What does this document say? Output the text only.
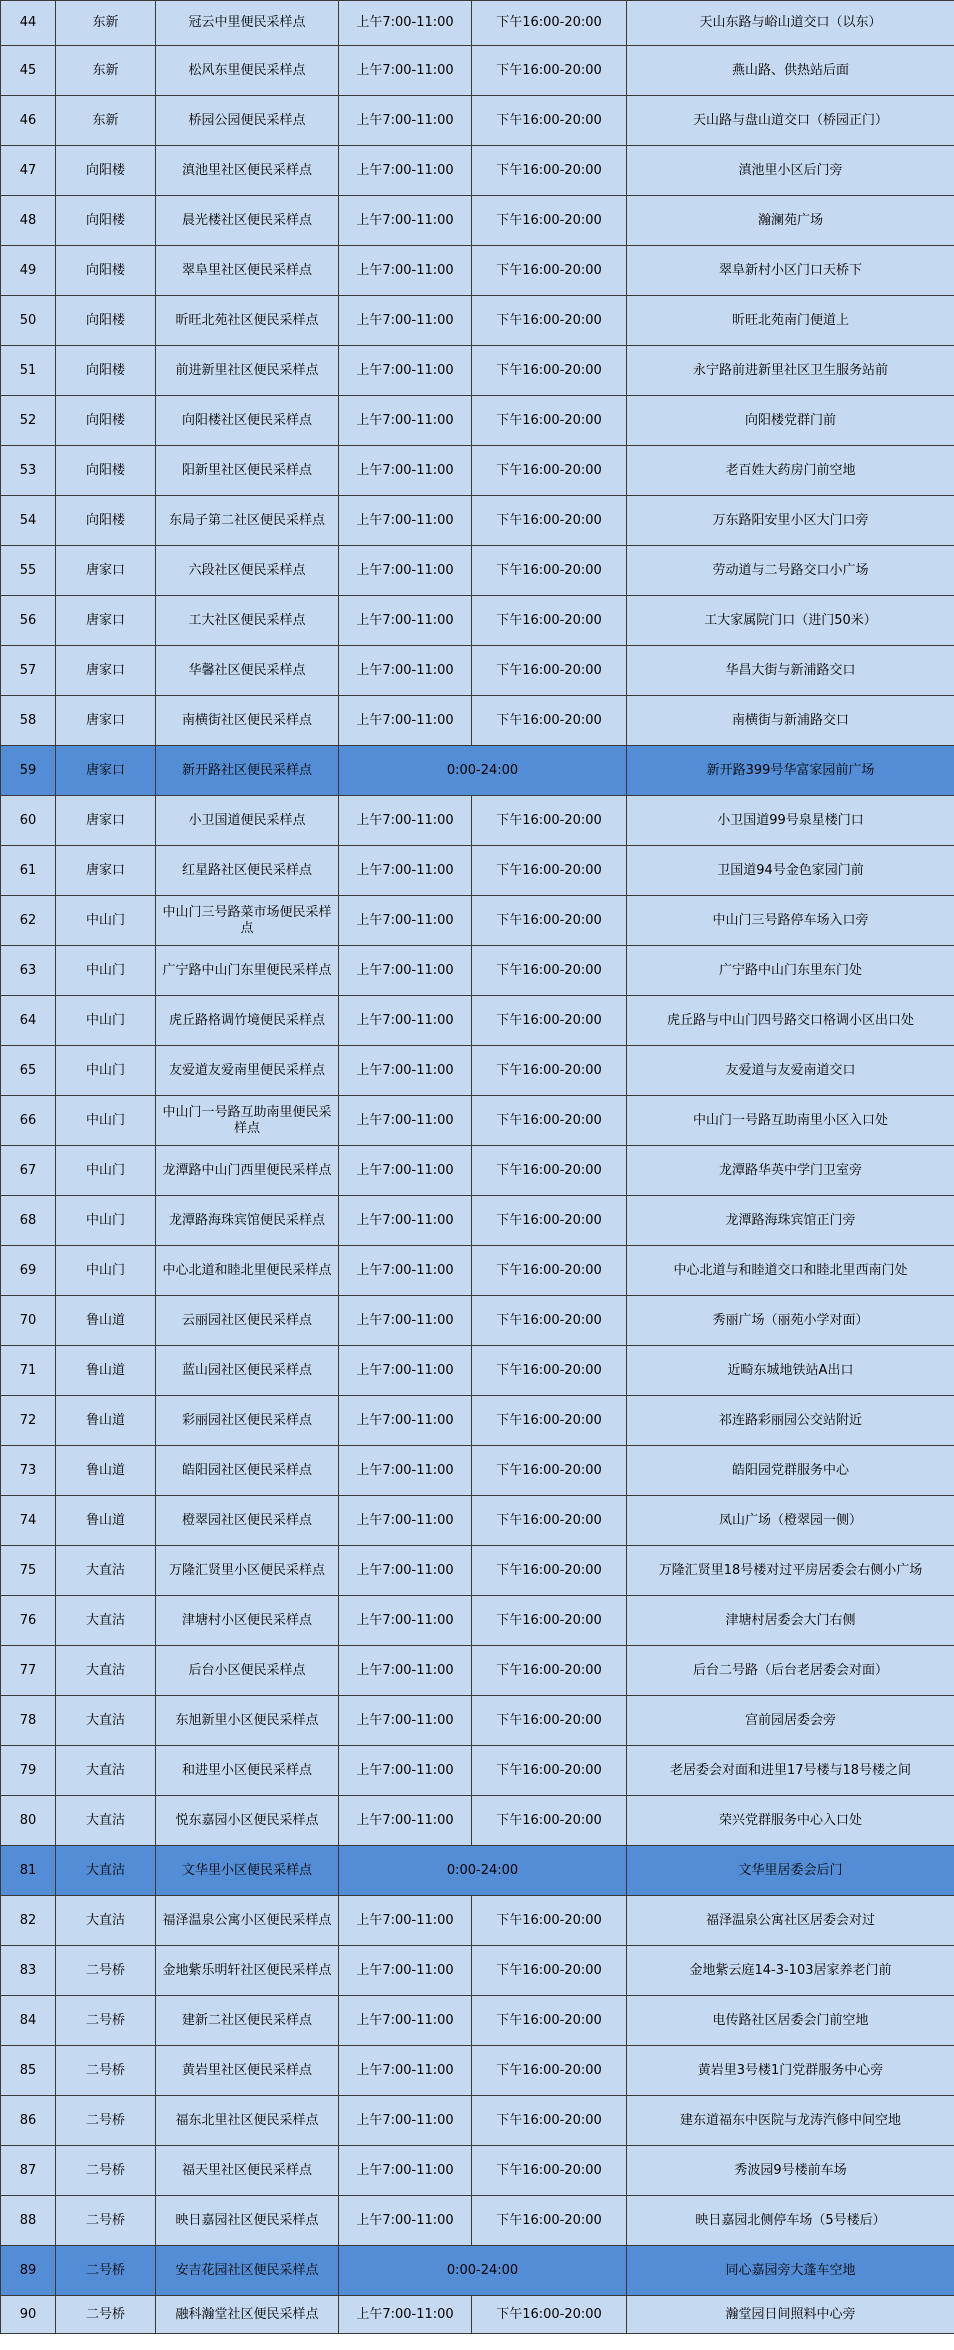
44	东新	冠云中里便民采样点	上午7:00-11:00	下午16:00-20:00	天山东路与峪山道交口（以东）
45	东新	松风东里便民采样点	上午7:00-11:00	下午16:00-20:00	燕山路、供热站后面
46	东新	桥园公园便民采样点	上午7:00-11:00	下午16:00-20:00	天山路与盘山道交口（桥园正门）
47	向阳楼	滇池里社区便民采样点	上午7:00-11:00	下午16:00-20:00	滇池里小区后门旁
48	向阳楼	晨光楼社区便民采样点	上午7:00-11:00	下午16:00-20:00	瀚澜苑广场
49	向阳楼	翠阜里社区便民采样点	上午7:00-11:00	下午16:00-20:00	翠阜新村小区门口天桥下
50	向阳楼	昕旺北苑社区便民采样点	上午7:00-11:00	下午16:00-20:00	昕旺北苑南门便道上
51	向阳楼	前进新里社区便民采样点	上午7:00-11:00	下午16:00-20:00	永宁路前进新里社区卫生服务站前
52	向阳楼	向阳楼社区便民采样点	上午7:00-11:00	下午16:00-20:00	向阳楼党群门前
53	向阳楼	阳新里社区便民采样点	上午7:00-11:00	下午16:00-20:00	老百姓大药房门前空地
54	向阳楼	东局子第二社区便民采样点	上午7:00-11:00	下午16:00-20:00	万东路阳安里小区大门口旁
55	唐家口	六段社区便民采样点	上午7:00-11:00	下午16:00-20:00	劳动道与二号路交口小广场
56	唐家口	工大社区便民采样点	上午7:00-11:00	下午16:00-20:00	工大家属院门口（进门50米）
57	唐家口	华馨社区便民采样点	上午7:00-11:00	下午16:00-20:00	华昌大街与新浦路交口
58	唐家口	南横街社区便民采样点	上午7:00-11:00	下午16:00-20:00	南横街与新浦路交口
59	唐家口	新开路社区便民采样点	0:00-24:00		新开路399号华富家园前广场
60	唐家口	小卫国道便民采样点	上午7:00-11:00	下午16:00-20:00	小卫国道99号泉星楼门口
61	唐家口	红星路社区便民采样点	上午7:00-11:00	下午16:00-20:00	卫国道94号金色家园门前
62	中山门	中山门三号路菜市场便民采样点	上午7:00-11:00	下午16:00-20:00	中山门三号路停车场入口旁
63	中山门	广宁路中山门东里便民采样点	上午7:00-11:00	下午16:00-20:00	广宁路中山门东里东门处
64	中山门	虎丘路格调竹境便民采样点	上午7:00-11:00	下午16:00-20:00	虎丘路与中山门四号路交口格调小区出口处
65	中山门	友爱道友爱南里便民采样点	上午7:00-11:00	下午16:00-20:00	友爱道与友爱南道交口
66	中山门	中山门一号路互助南里便民采样点	上午7:00-11:00	下午16:00-20:00	中山门一号路互助南里小区入口处
67	中山门	龙潭路中山门西里便民采样点	上午7:00-11:00	下午16:00-20:00	龙潭路华英中学门卫室旁
68	中山门	龙潭路海珠宾馆便民采样点	上午7:00-11:00	下午16:00-20:00	龙潭路海珠宾馆正门旁
69	中山门	中心北道和睦北里便民采样点	上午7:00-11:00	下午16:00-20:00	中心北道与和睦道交口和睦北里西南门处
70	鲁山道	云丽园社区便民采样点	上午7:00-11:00	下午16:00-20:00	秀丽广场（丽苑小学对面）
71	鲁山道	蓝山园社区便民采样点	上午7:00-11:00	下午16:00-20:00	近畸东城地铁站A出口
72	鲁山道	彩丽园社区便民采样点	上午7:00-11:00	下午16:00-20:00	祁连路彩丽园公交站附近
73	鲁山道	皓阳园社区便民采样点	上午7:00-11:00	下午16:00-20:00	皓阳园党群服务中心
74	鲁山道	橙翠园社区便民采样点	上午7:00-11:00	下午16:00-20:00	凤山广场（橙翠园一侧）
75	大直沽	万隆汇贤里小区便民采样点	上午7:00-11:00	下午16:00-20:00	万隆汇贤里18号楼对过平房居委会右侧小广场
76	大直沽	津塘村小区便民采样点	上午7:00-11:00	下午16:00-20:00	津塘村居委会大门右侧
77	大直沽	后台小区便民采样点	上午7:00-11:00	下午16:00-20:00	后台二号路（后台老居委会对面）
78	大直沽	东旭新里小区便民采样点	上午7:00-11:00	下午16:00-20:00	宫前园居委会旁
79	大直沽	和进里小区便民采样点	上午7:00-11:00	下午16:00-20:00	老居委会对面和进里17号楼与18号楼之间
80	大直沽	悦东嘉园小区便民采样点	上午7:00-11:00	下午16:00-20:00	荣兴党群服务中心入口处
81	大直沽	文华里小区便民采样点	0:00-24:00		文华里居委会后门
82	大直沽	福泽温泉公寓小区便民采样点	上午7:00-11:00	下午16:00-20:00	福泽温泉公寓社区居委会对过
83	二号桥	金地紫乐明轩社区便民采样点	上午7:00-11:00	下午16:00-20:00	金地紫云庭14-3-103居家养老门前
84	二号桥	建新二社区便民采样点	上午7:00-11:00	下午16:00-20:00	电传路社区居委会门前空地
85	二号桥	黄岩里社区便民采样点	上午7:00-11:00	下午16:00-20:00	黄岩里3号楼1门党群服务中心旁
86	二号桥	福东北里社区便民采样点	上午7:00-11:00	下午16:00-20:00	建东道福东中医院与龙涛汽修中间空地
87	二号桥	福天里社区便民采样点	上午7:00-11:00	下午16:00-20:00	秀波园9号楼前车场
88	二号桥	映日嘉园社区便民采样点	上午7:00-11:00	下午16:00-20:00	映日嘉园北侧停车场（5号楼后）
89	二号桥	安吉花园社区便民采样点	0:00-24:00		同心嘉园旁大蓬车空地
90	二号桥	融科瀚堂社区便民采样点	上午7:00-11:00	下午16:00-20:00	瀚堂园日间照料中心旁
